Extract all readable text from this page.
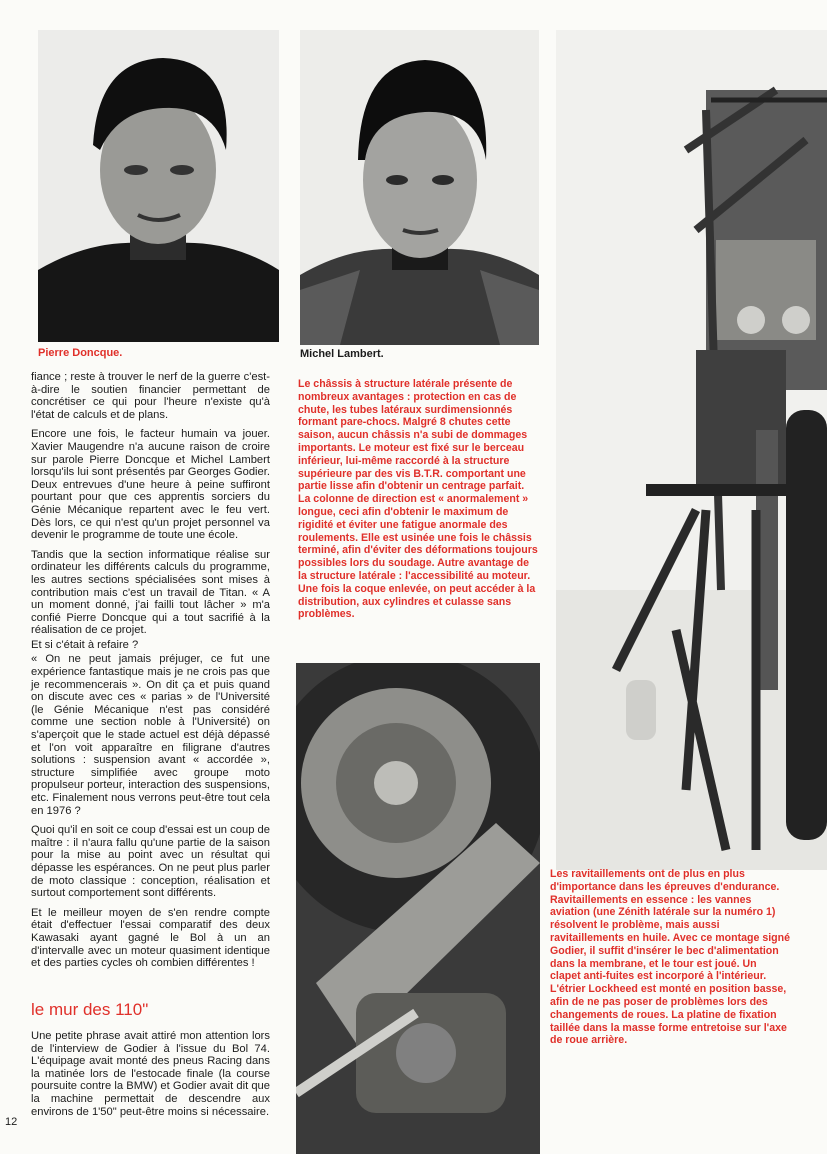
Pierre Doncque.	Michel Lambert.

fiance ; reste à trouver le nerf de la guerre c'est-à-dire le soutien financier permettant de concrétiser ce qui pour l'heure n'existe qu'à l'état de calculs et de plans.

Encore une fois, le facteur humain va jouer. Xavier Maugendre n'a aucune raison de croire sur parole Pierre Doncque et Michel Lambert lorsqu'ils lui sont présentés par Georges Godier. Deux entrevues d'une heure à peine suffiront pourtant pour que ces apprentis sorciers du Génie Mécanique repartent avec le feu vert. Dès lors, ce qui n'est qu'un projet personnel va devenir le programme de toute une école.

Tandis que la section informatique réalise sur ordinateur les différents calculs du programme, les autres sections spécialisées sont mises à contribution mais c'est un travail de Titan. « A un moment donné, j'ai failli tout lâcher » m'a confié Pierre Doncque qui a tout sacrifié à la réalisation de ce projet.

Et si c'était à refaire ?

« On ne peut jamais préjuger, ce fut une expérience fantastique mais je ne crois pas que je recommencerais ». On dit ça et puis quand on discute avec ces « parias » de l'Université (le Génie Mécanique n'est pas considéré comme une section noble à l'Université) on s'aperçoit que le stade actuel est déjà dépassé et l'on voit apparaître en filigrane d'autres solutions : suspension avant « accordée », structure simplifiée avec groupe moto propulseur porteur, interaction des suspensions, etc. Finalement nous verrons peut-être tout cela en 1976 ?

Quoi qu'il en soit ce coup d'essai est un coup de maître : il n'aura fallu qu'une partie de la saison pour la mise au point avec un résultat qui dépasse les espérances. On ne peut plus parler de moto classique : conception, réalisation et surtout comportement sont différents.

Et le meilleur moyen de s'en rendre compte était d'effectuer l'essai comparatif des deux Kawasaki ayant gagné le Bol à un an d'intervalle avec un moteur quasiment identique et des parties cycles oh combien différentes !

le mur des 110"

Une petite phrase avait attiré mon attention lors de l'interview de Godier à l'issue du Bol 74. L'équipage avait monté des pneus Racing dans la matinée lors de l'estocade finale (la course poursuite contre la BMW) et Godier avait dit que la machine permettait de descendre aux environs de 1'50" peut-être moins si nécessaire.

12

Le châssis à structure latérale présente de nombreux avantages : protection en cas de chute, les tubes latéraux surdimensionnés formant pare-chocs. Malgré 8 chutes cette saison, aucun châssis n'a subi de dommages importants. Le moteur est fixé sur le berceau inférieur, lui-même raccordé à la structure supérieure par des vis B.T.R. comportant une partie lisse afin d'obtenir un centrage parfait. La colonne de direction est « anormalement » longue, ceci afin d'obtenir le maximum de rigidité et éviter une fatigue anormale des roulements. Elle est usinée une fois le châssis terminé, afin d'éviter des déformations toujours possibles lors du soudage. Autre avantage de la structure latérale : l'accessibilité au moteur. Une fois la coque enlevée, on peut accéder à la distribution, aux cylindres et culasse sans problèmes.

Les ravitaillements ont de plus en plus d'importance dans les épreuves d'endurance. Ravitaillements en essence : les vannes aviation (une Zénith latérale sur la numéro 1) résolvent le problème, mais aussi ravitaillements en huile. Avec ce montage signé Godier, il suffit d'insérer le bec d'alimentation dans la membrane, et le tour est joué. Un clapet anti-fuites est incorporé à l'intérieur. L'étrier Lockheed est monté en position basse, afin de ne pas poser de problèmes lors des changements de roues. La platine de fixation taillée dans la masse forme entretoise sur l'axe de roue arrière.
